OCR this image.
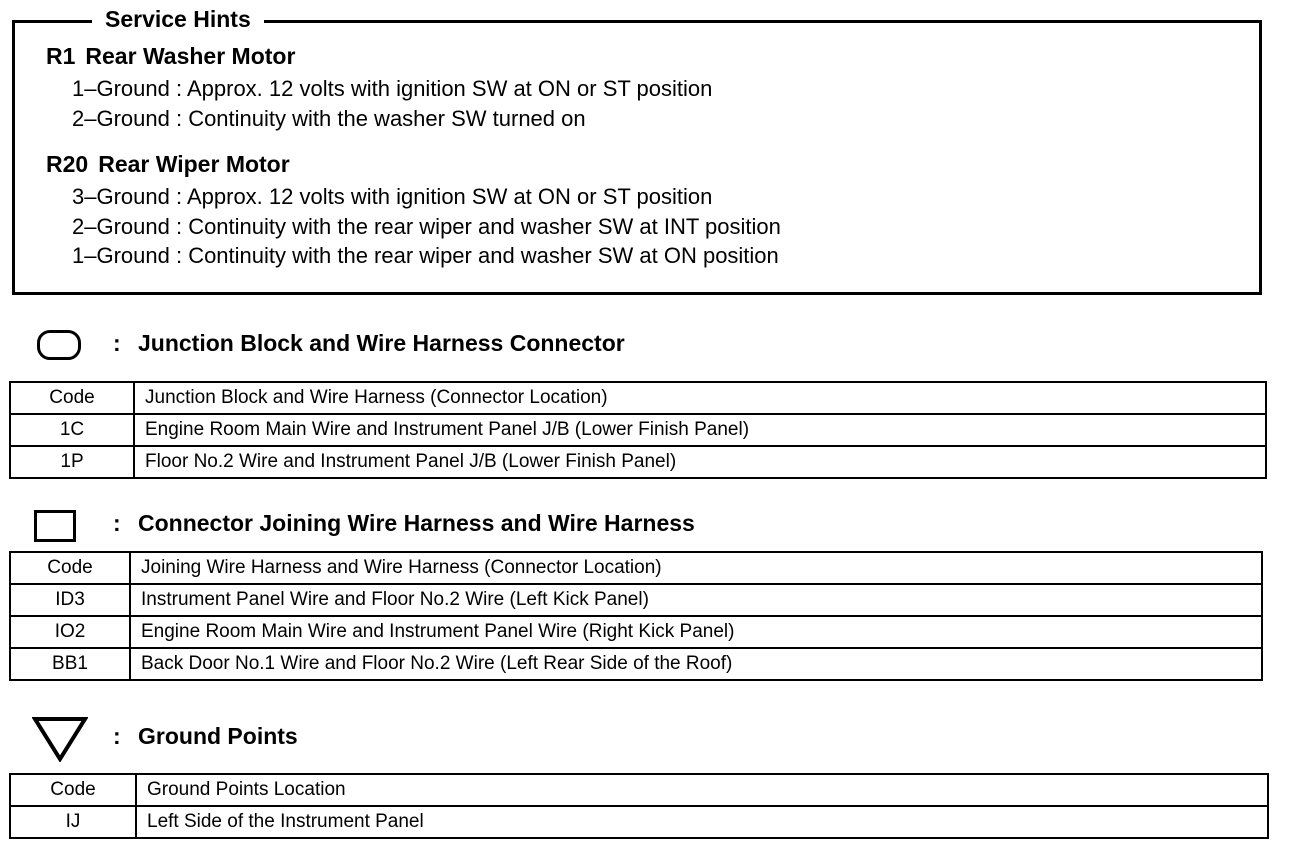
Service Hints
R1 Rear Washer Motor
1–Ground : Approx. 12 volts with ignition SW at ON or ST position
2–Ground : Continuity with the washer SW turned on
R20 Rear Wiper Motor
3–Ground : Approx. 12 volts with ignition SW at ON or ST position
2–Ground : Continuity with the rear wiper and washer SW at INT position
1–Ground : Continuity with the rear wiper and washer SW at ON position
: Junction Block and Wire Harness Connector
Code	Junction Block and Wire Harness (Connector Location)
1C	Engine Room Main Wire and Instrument Panel J/B (Lower Finish Panel)
1P	Floor No.2 Wire and Instrument Panel J/B (Lower Finish Panel)
: Connector Joining Wire Harness and Wire Harness
Code	Joining Wire Harness and Wire Harness (Connector Location)
ID3	Instrument Panel Wire and Floor No.2 Wire (Left Kick Panel)
IO2	Engine Room Main Wire and Instrument Panel Wire (Right Kick Panel)
BB1	Back Door No.1 Wire and Floor No.2 Wire (Left Rear Side of the Roof)
: Ground Points
Code	Ground Points Location
IJ	Left Side of the Instrument Panel
